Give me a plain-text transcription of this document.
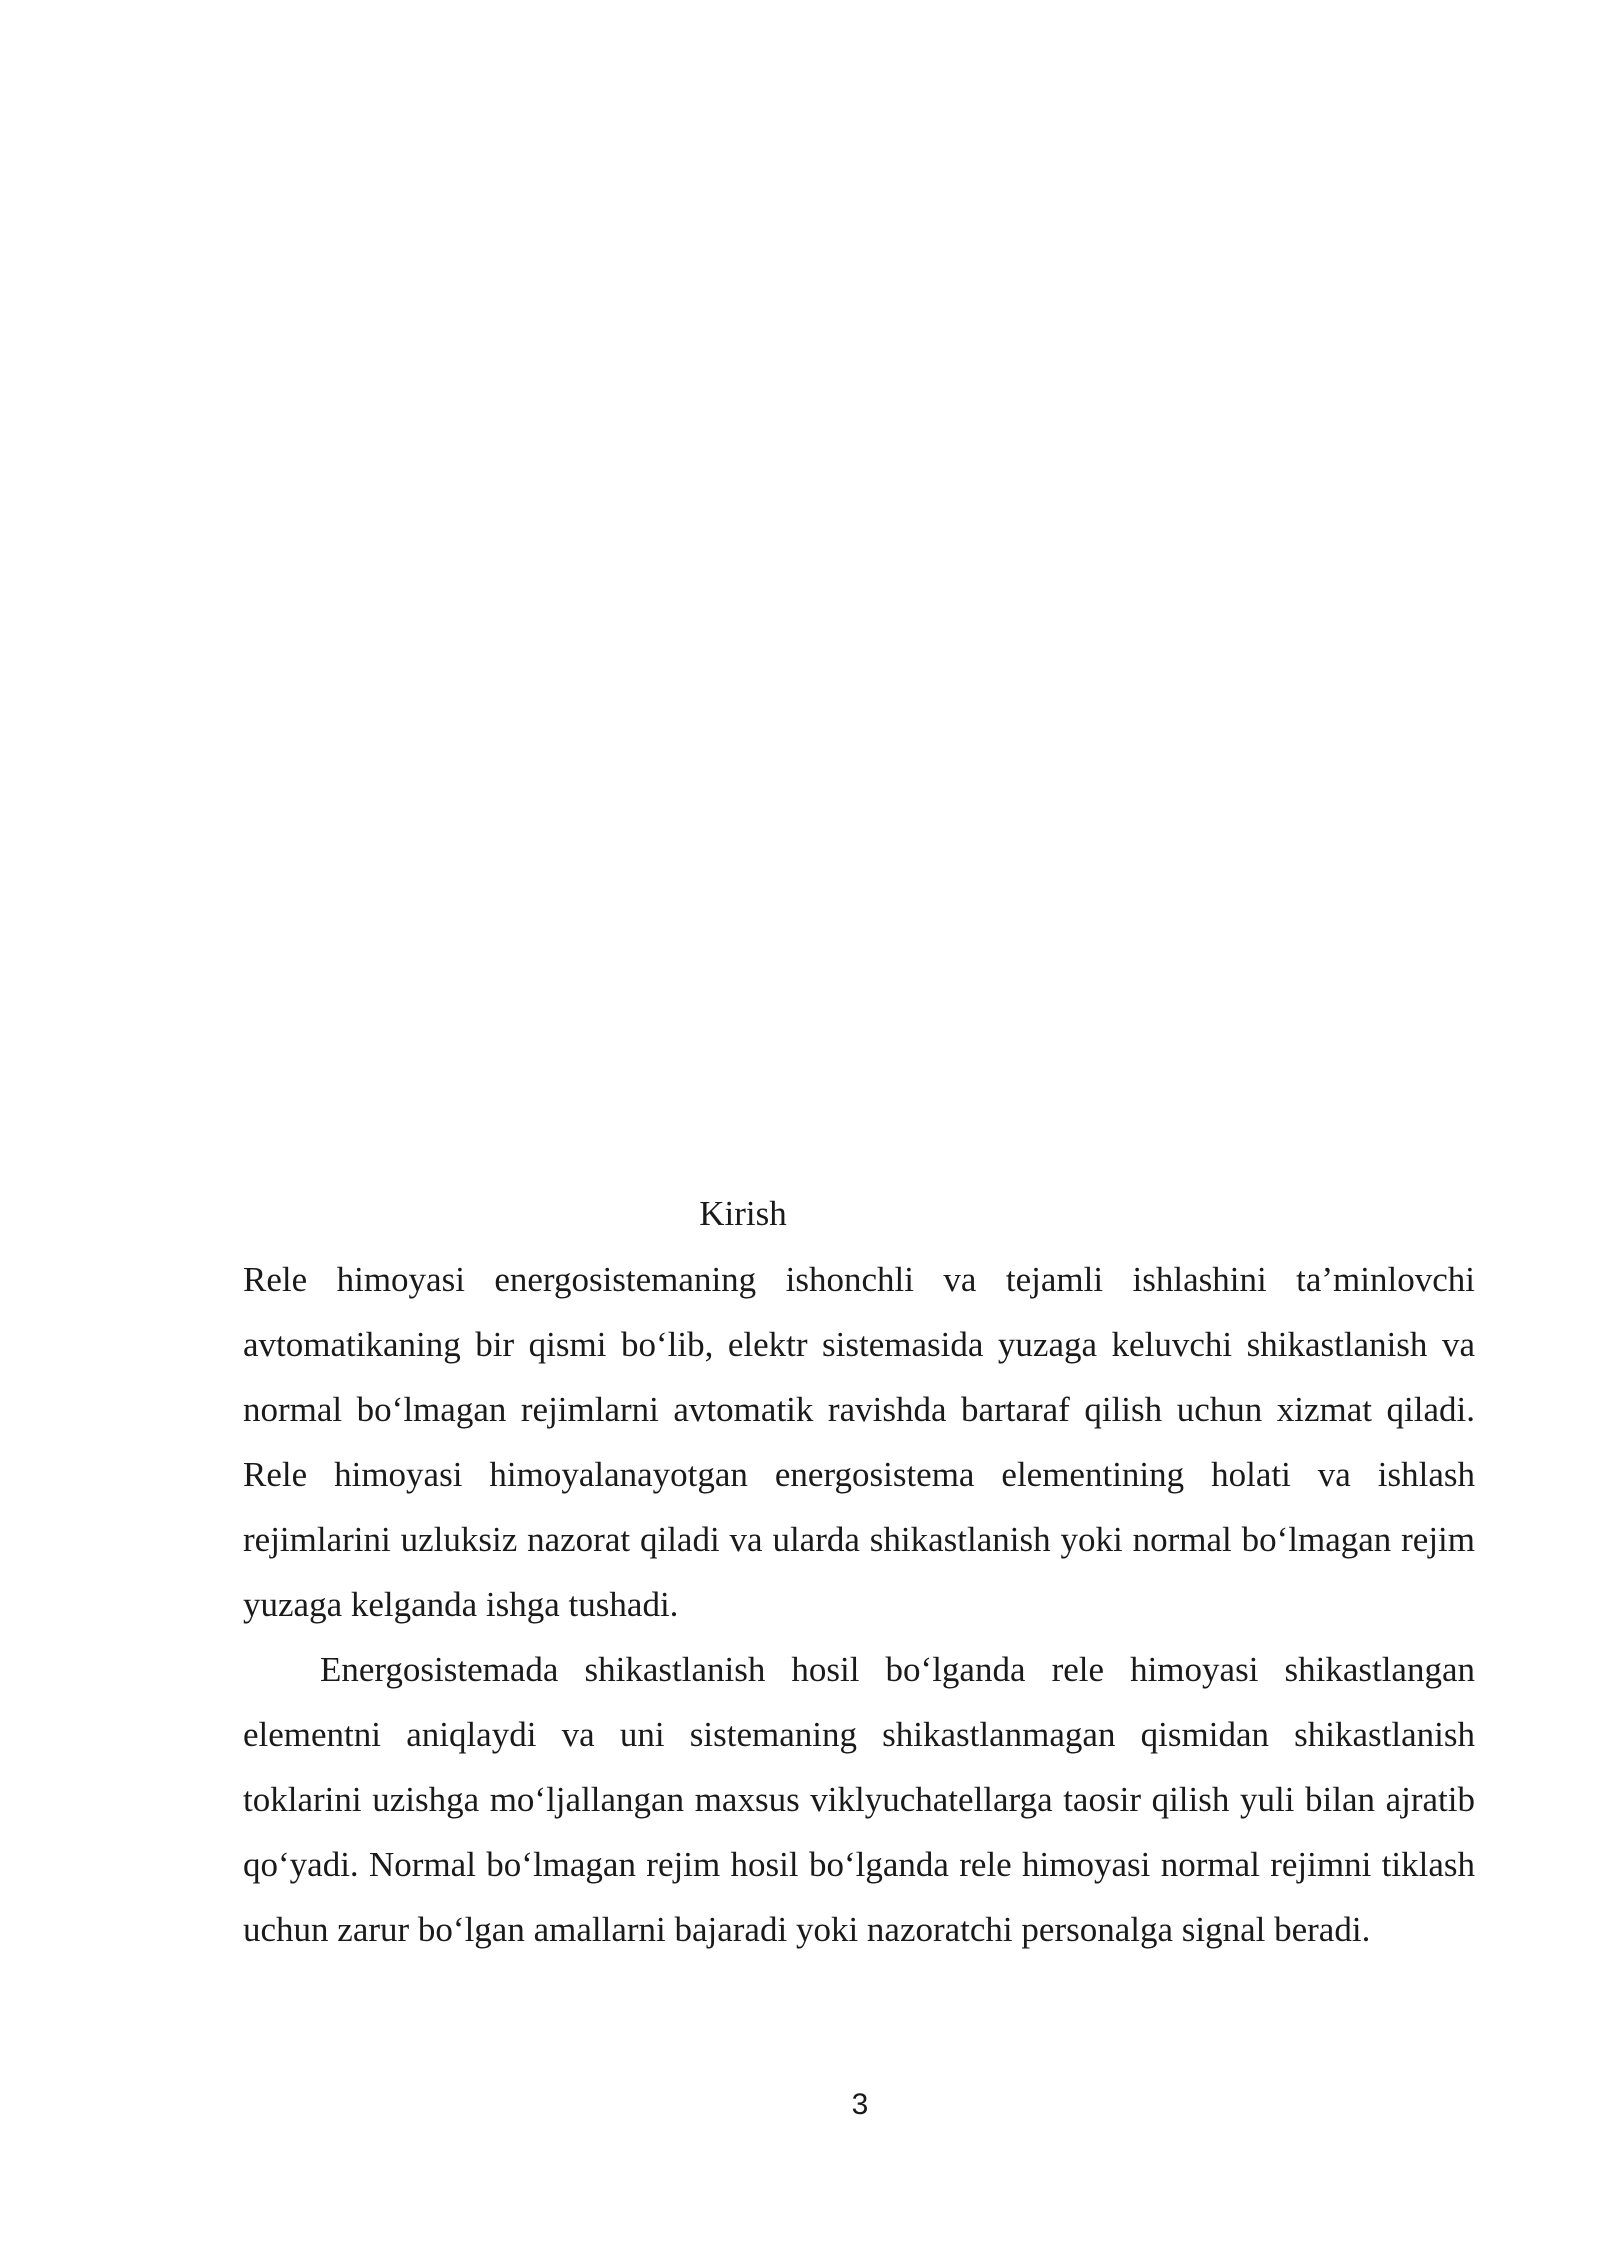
Kirish

Rele himoyasi energosistemaning ishonchli va tejamli ishlashini ta’minlovchi avtomatikaning bir qismi bo‘lib, elektr sistemasida yuzaga keluvchi shikastlanish va normal bo‘lmagan rejimlarni avtomatik ravishda bartaraf qilish uchun xizmat qiladi. Rele himoyasi himoyalanayotgan energosistema elementining holati va ishlash rejimlarini uzluksiz nazorat qiladi va ularda shikastlanish yoki normal bo‘lmagan rejim yuzaga kelganda ishga tushadi.

Energosistemada shikastlanish hosil bo‘lganda rele himoyasi shikastlangan elementni aniqlaydi va uni sistemaning shikastlanmagan qismidan shikastlanish toklarini uzishga mo‘ljallangan maxsus viklyuchatellarga taosir qilish yuli bilan ajratib qo‘yadi. Normal bo‘lmagan rejim hosil bo‘lganda rele himoyasi normal rejimni tiklash uchun zarur bo‘lgan amallarni bajaradi yoki nazoratchi personalga signal beradi.

3
